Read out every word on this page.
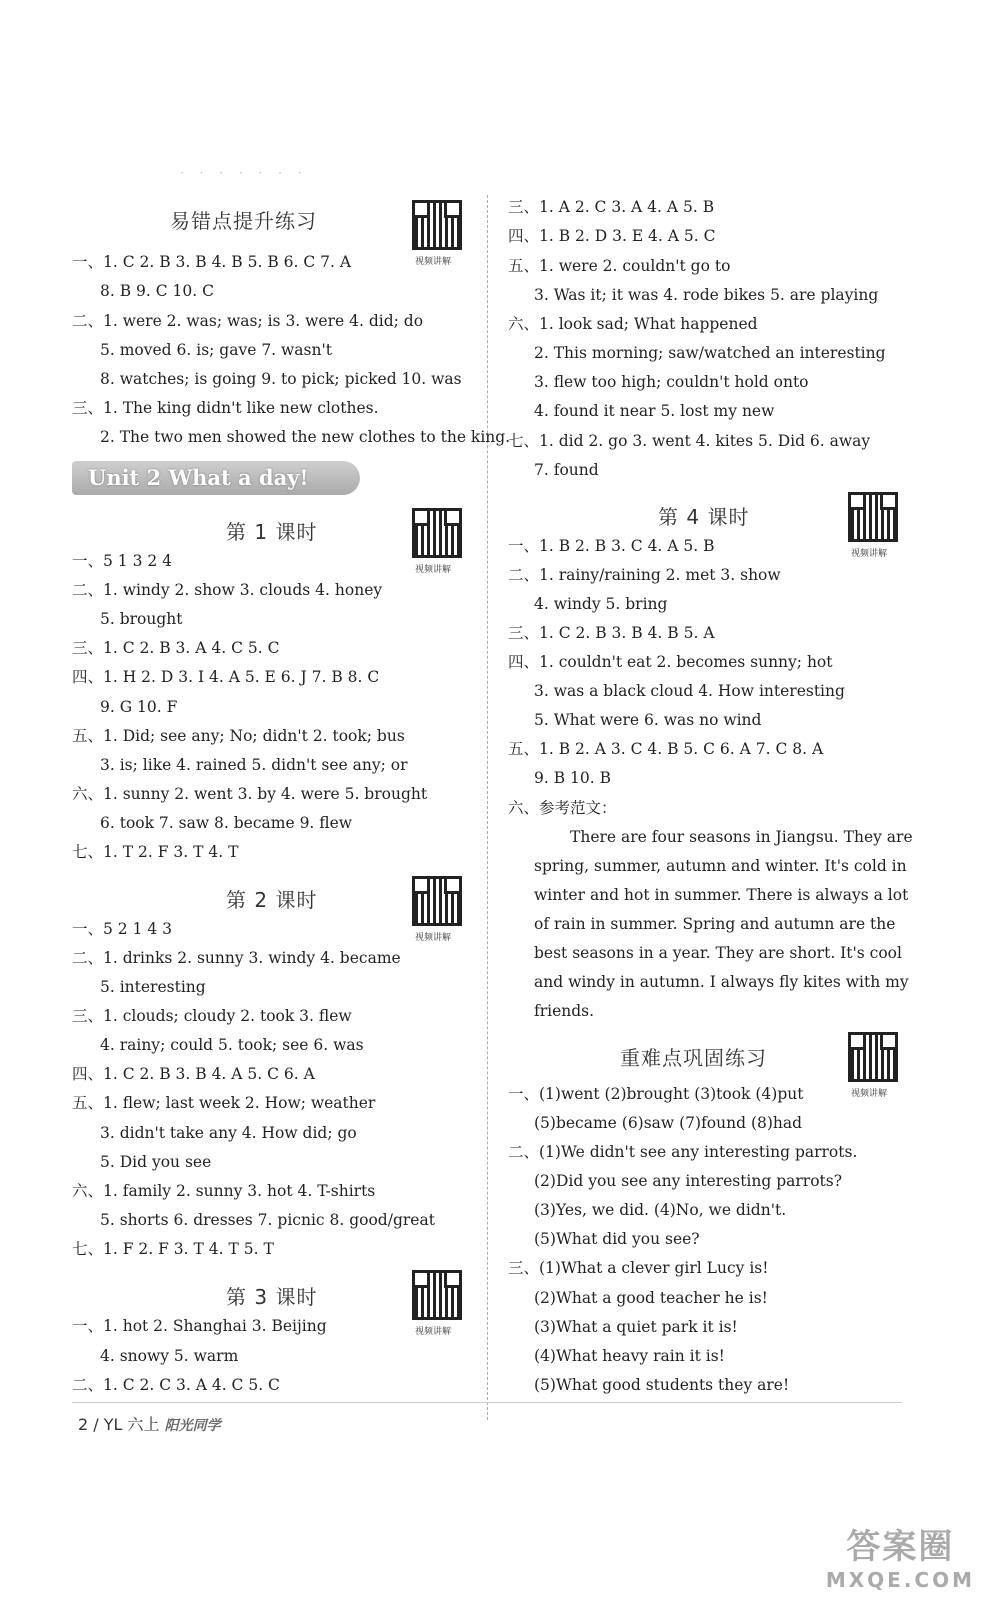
· · · · · · ·
易错点提升练习
视频讲解
一、1. C 2. B 3. B 4. B 5. B 6. C 7. A
8. B 9. C 10. C
二、1. were 2. was; was; is 3. were 4. did; do
5. moved 6. is; gave 7. wasn't
8. watches; is going 9. to pick; picked 10. was
三、1. The king didn't like new clothes.
2. The two men showed the new clothes to the king.
Unit 2 What a day!
第 1 课时
视频讲解
一、5 1 3 2 4
二、1. windy 2. show 3. clouds 4. honey
5. brought
三、1. C 2. B 3. A 4. C 5. C
四、1. H 2. D 3. I 4. A 5. E 6. J 7. B 8. C
9. G 10. F
五、1. Did; see any; No; didn't 2. took; bus
3. is; like 4. rained 5. didn't see any; or
六、1. sunny 2. went 3. by 4. were 5. brought
6. took 7. saw 8. became 9. flew
七、1. T 2. F 3. T 4. T
第 2 课时
视频讲解
一、5 2 1 4 3
二、1. drinks 2. sunny 3. windy 4. became
5. interesting
三、1. clouds; cloudy 2. took 3. flew
4. rainy; could 5. took; see 6. was
四、1. C 2. B 3. B 4. A 5. C 6. A
五、1. flew; last week 2. How; weather
3. didn't take any 4. How did; go
5. Did you see
六、1. family 2. sunny 3. hot 4. T-shirts
5. shorts 6. dresses 7. picnic 8. good/great
七、1. F 2. F 3. T 4. T 5. T
第 3 课时
视频讲解
一、1. hot 2. Shanghai 3. Beijing
4. snowy 5. warm
二、1. C 2. C 3. A 4. C 5. C
三、1. A 2. C 3. A 4. A 5. B
四、1. B 2. D 3. E 4. A 5. C
五、1. were 2. couldn't go to
3. Was it; it was 4. rode bikes 5. are playing
六、1. look sad; What happened
2. This morning; saw/watched an interesting
3. flew too high; couldn't hold onto
4. found it near 5. lost my new
七、1. did 2. go 3. went 4. kites 5. Did 6. away
7. found
第 4 课时
视频讲解
一、1. B 2. B 3. C 4. A 5. B
二、1. rainy/raining 2. met 3. show
4. windy 5. bring
三、1. C 2. B 3. B 4. B 5. A
四、1. couldn't eat 2. becomes sunny; hot
3. was a black cloud 4. How interesting
5. What were 6. was no wind
五、1. B 2. A 3. C 4. B 5. C 6. A 7. C 8. A
9. B 10. B
六、参考范文：
There are four seasons in Jiangsu. They are
spring, summer, autumn and winter. It's cold in
winter and hot in summer. There is always a lot
of rain in summer. Spring and autumn are the
best seasons in a year. They are short. It's cool
and windy in autumn. I always fly kites with my
friends.
重难点巩固练习
视频讲解
一、(1)went (2)brought (3)took (4)put
(5)became (6)saw (7)found (8)had
二、(1)We didn't see any interesting parrots.
(2)Did you see any interesting parrots?
(3)Yes, we did. (4)No, we didn't.
(5)What did you see?
三、(1)What a clever girl Lucy is!
(2)What a good teacher he is!
(3)What a quiet park it is!
(4)What heavy rain it is!
(5)What good students they are!
2 / YL 六上 阳光同学
答案圈
MXQE.COM
